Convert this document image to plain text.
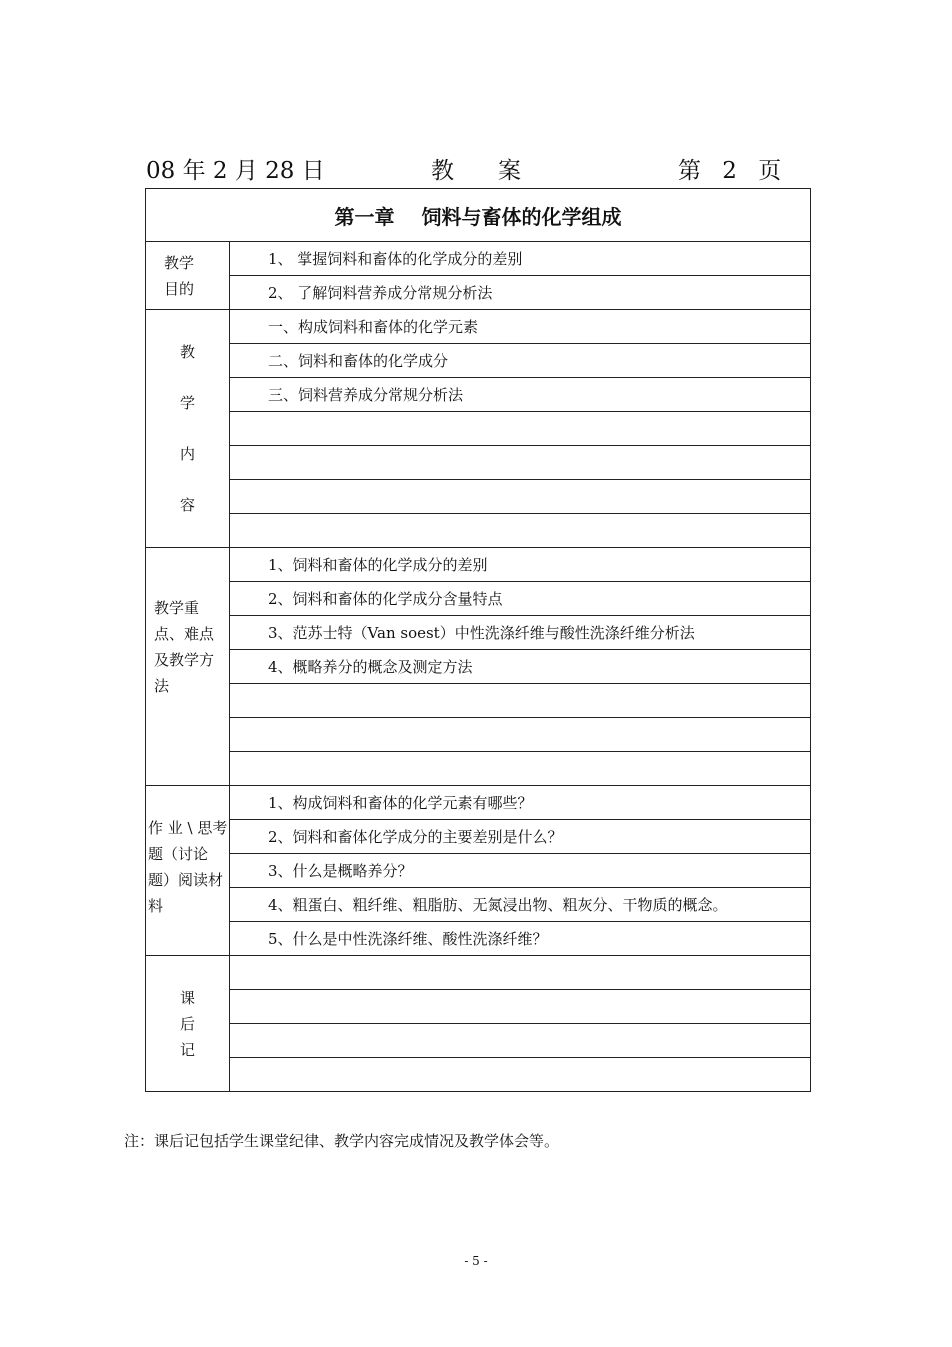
08 年 2 月 28 日	教案	第 2 页
第一章　 饲料与畜体的化学组成	
教学目的	1、 掌握饲料和畜体的化学成分的差别
	2、 了解饲料营养成分常规分析法

教
学
内
容	一、构成饲料和畜体的化学元素
	二、饲料和畜体的化学成分
	三、饲料营养成分常规分析法

教学重点、难点及教学方法	1、饲料和畜体的化学成分的差别
	2、饲料和畜体的化学成分含量特点
	3、范苏士特（Van soest）中性洗涤纤维与酸性洗涤纤维分析法
	4、概略养分的概念及测定方法

作 业 \ 思考题（讨论题）阅读材料	1、构成饲料和畜体的化学元素有哪些？
	2、饲料和畜体化学成分的主要差别是什么？
	3、什么是概略养分？
	4、粗蛋白、粗纤维、粗脂肪、无氮浸出物、粗灰分、干物质的概念。
	5、什么是中性洗涤纤维、酸性洗涤纤维？

课
后
记	

注：课后记包括学生课堂纪律、教学内容完成情况及教学体会等。
- 5 -
